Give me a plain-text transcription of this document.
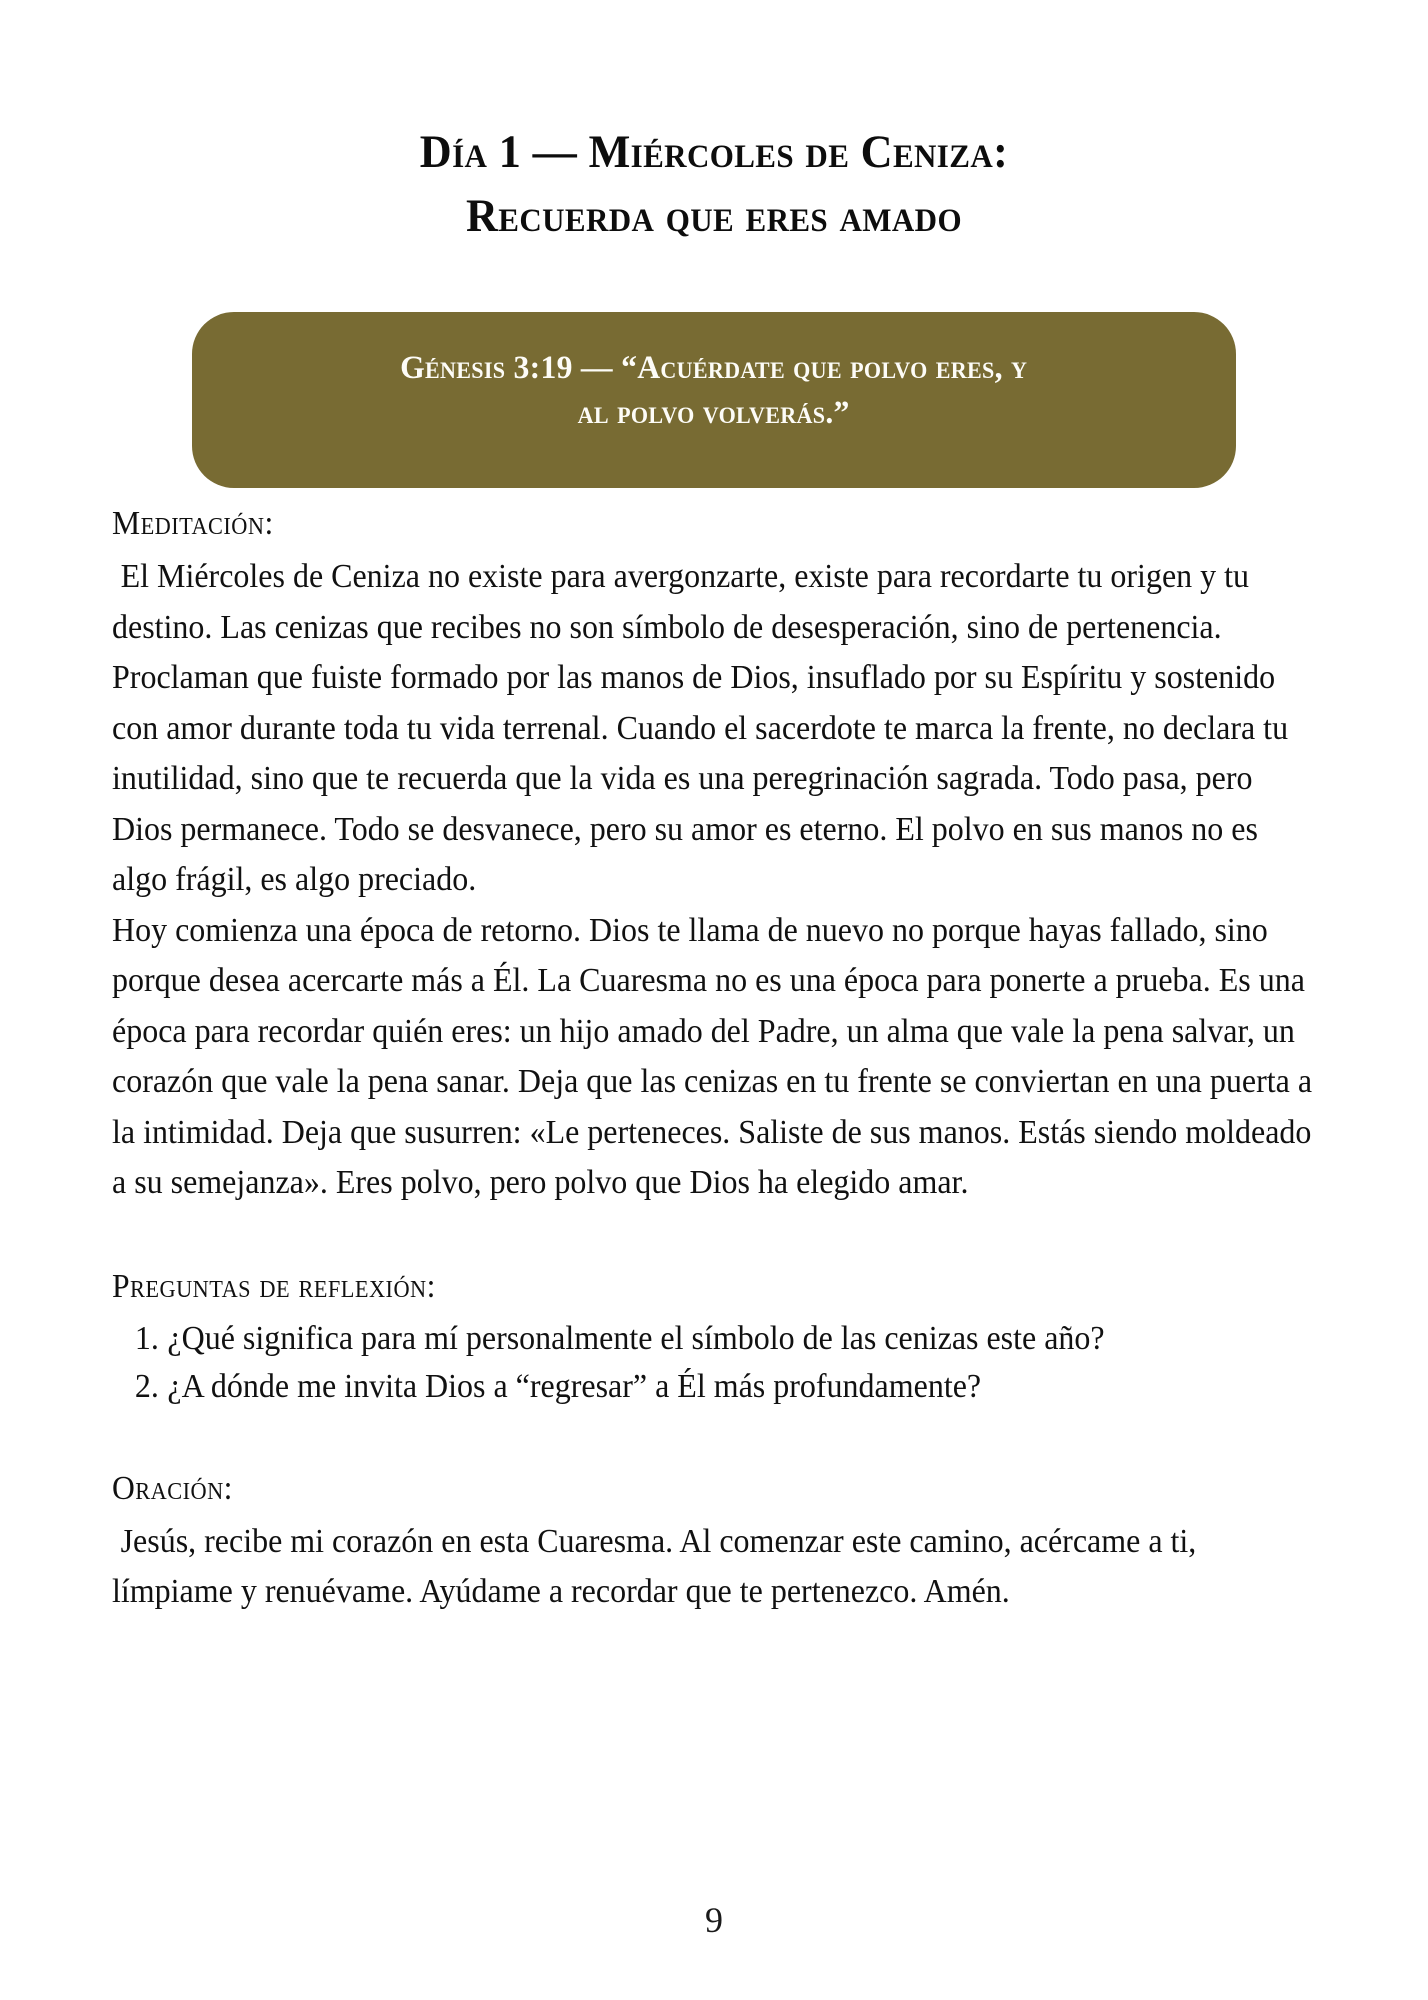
Día 1 — Miércoles de Ceniza:
Recuerda que eres amado
Génesis 3:19 — “Acuérdate que polvo eres, y
al polvo volverás.”
Meditación:

El Miércoles de Ceniza no existe para avergonzarte, existe para recordarte tu origen y tu destino. Las cenizas que recibes no son símbolo de desesperación, sino de pertenencia. Proclaman que fuiste formado por las manos de Dios, insuflado por su Espíritu y sostenido con amor durante toda tu vida terrenal. Cuando el sacerdote te marca la frente, no declara tu inutilidad, sino que te recuerda que la vida es una peregrinación sagrada. Todo pasa, pero Dios permanece. Todo se desvanece, pero su amor es eterno. El polvo en sus manos no es algo frágil, es algo preciado.

Hoy comienza una época de retorno. Dios te llama de nuevo no porque hayas fallado, sino porque desea acercarte más a Él. La Cuaresma no es una época para ponerte a prueba. Es una época para recordar quién eres: un hijo amado del Padre, un alma que vale la pena salvar, un corazón que vale la pena sanar. Deja que las cenizas en tu frente se conviertan en una puerta a la intimidad. Deja que susurren: «Le perteneces. Saliste de sus manos. Estás siendo moldeado a su semejanza». Eres polvo, pero polvo que Dios ha elegido amar.

Preguntas de reflexión:
1. ¿Qué significa para mí personalmente el símbolo de las cenizas este año?
2. ¿A dónde me invita Dios a “regresar” a Él más profundamente?
Oración:

Jesús, recibe mi corazón en esta Cuaresma. Al comenzar este camino, acércame a ti, límpiame y renuévame. Ayúdame a recordar que te pertenezco. Amén.

9
